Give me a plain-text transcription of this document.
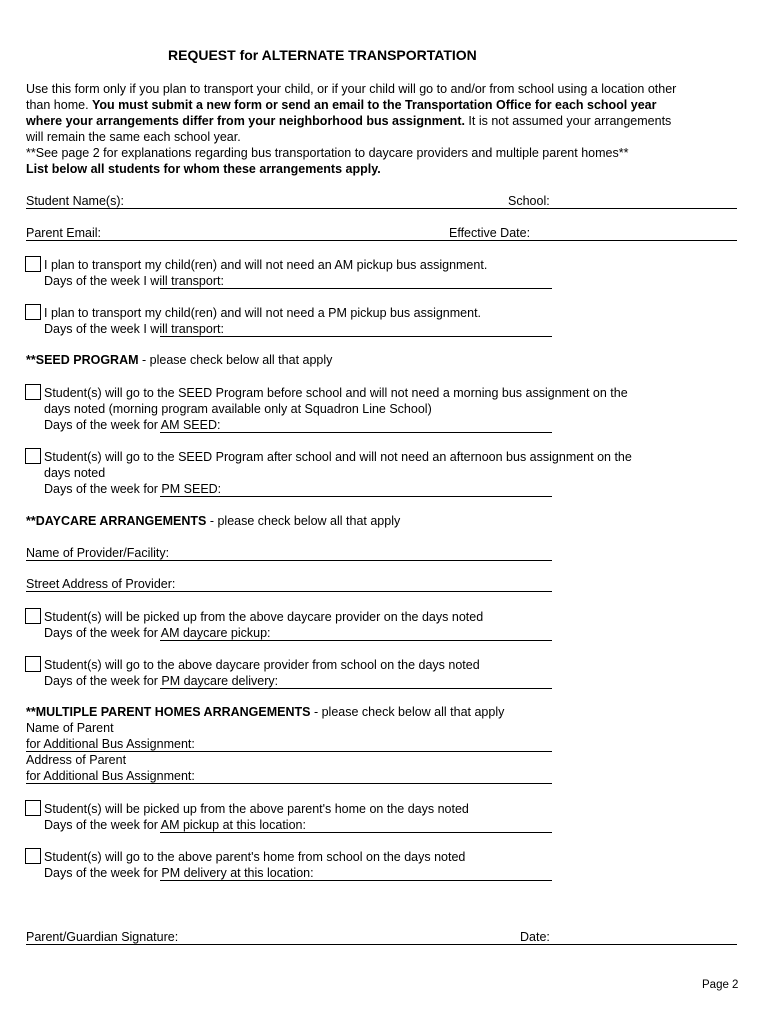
REQUEST for ALTERNATE TRANSPORTATION
Use this form only if you plan to transport your child, or if your child will go to and/or from school using a location other
than home. You must submit a new form or send an email to the Transportation Office for each school year
where your arrangements differ from your neighborhood bus assignment. It is not assumed your arrangements
will remain the same each school year.
**See page 2 for explanations regarding bus transportation to daycare providers and multiple parent homes**
List below all students for whom these arrangements apply.
Student Name(s):	School:
Parent Email:	Effective Date:
I plan to transport my child(ren) and will not need an AM pickup bus assignment.
Days of the week I will transport:
I plan to transport my child(ren) and will not need a PM pickup bus assignment.
Days of the week I will transport:
**SEED PROGRAM - please check below all that apply
Student(s) will go to the SEED Program before school and will not need a morning bus assignment on the
days noted (morning program available only at Squadron Line School)
Days of the week for AM SEED:
Student(s) will go to the SEED Program after school and will not need an afternoon bus assignment on the
days noted
Days of the week for PM SEED:
**DAYCARE ARRANGEMENTS - please check below all that apply
Name of Provider/Facility:
Street Address of Provider:
Student(s) will be picked up from the above daycare provider on the days noted
Days of the week for AM daycare pickup:
Student(s) will go to the above daycare provider from school on the days noted
Days of the week for PM daycare delivery:
**MULTIPLE PARENT HOMES ARRANGEMENTS - please check below all that apply
Name of Parent
for Additional Bus Assignment:
Address of Parent
for Additional Bus Assignment:
Student(s) will be picked up from the above parent's home on the days noted
Days of the week for AM pickup at this location:
Student(s) will go to the above parent's home from school on the days noted
Days of the week for PM delivery at this location:
Parent/Guardian Signature:	Date:
Page 2
